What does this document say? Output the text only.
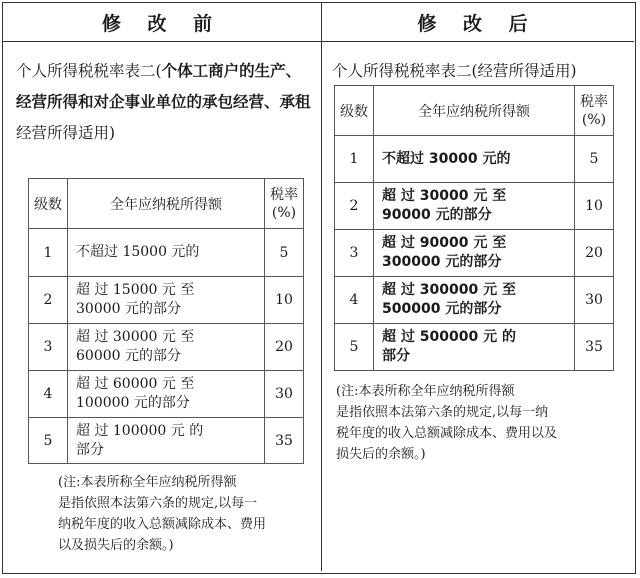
修 改 前	修 改 后
个人所得税税率表二(个体工商户的生产、经营所得和对企事业单位的承包经营、承租经营所得适用)
级数	全年应纳税所得额	税率
(%)
1	不超过 15000 元的	5
2	超 过 15000 元 至
30000 元的部分	10
3	超 过 30000 元 至
60000 元的部分	20
4	超 过 60000 元 至
100000 元的部分	30
5	超 过 100000 元 的
部分	35
(注:本表所称全年应纳税所得额
是指依照本法第六条的规定,以每一
纳税年度的收入总额减除成本、费用
以及损失后的余额。)
个人所得税税率表二(经营所得适用)
级数	全年应纳税所得额	税率
(%)
1	不超过 30000 元的	5
2	超 过 30000 元 至
90000 元的部分	10
3	超 过 90000 元 至
300000 元的部分	20
4	超 过 300000 元 至
500000 元的部分	30
5	超 过 500000 元 的
部分	35
(注:本表所称全年应纳税所得额
是指依照本法第六条的规定,以每一纳
税年度的收入总额减除成本、费用以及
损失后的余额。)
